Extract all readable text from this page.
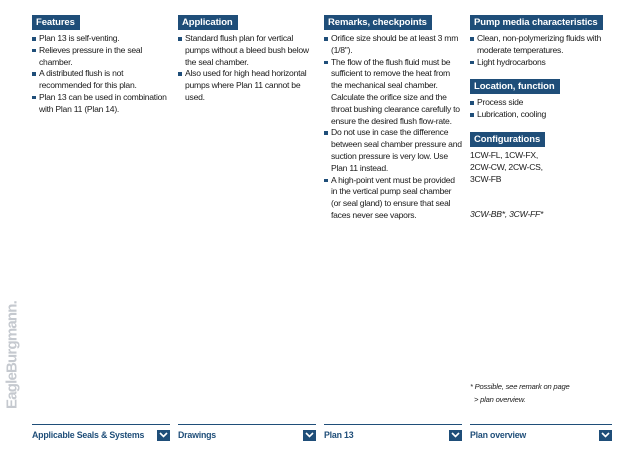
EagleBurgmann.
Features
Plan 13 is self-venting.
Relieves pressure in the seal chamber.
A distributed flush is not recommended for this plan.
Plan 13 can be used in combination with Plan 11 (Plan 14).
Application
Standard flush plan for vertical pumps without a bleed bush below the seal chamber.
Also used for high head horizontal pumps where Plan 11 cannot be used.
Remarks, checkpoints
Orifice size should be at least 3 mm (1/8").
The flow of the flush fluid must be sufficient to remove the heat from the mechanical seal chamber. Calculate the orifice size and the throat bushing clearance carefully to ensure the desired flush flow-rate.
Do not use in case the difference between seal chamber pressure and suction pressure is very low. Use Plan 11 instead.
A high-point vent must be provided in the vertical pump seal chamber (or seal gland) to ensure that seal faces never see vapors.
Pump media characteristics
Clean, non-polymerizing fluids with moderate temperatures.
Light hydrocarbons
Location, function
Process side
Lubrication, cooling
Configurations
1CW-FL, 1CW-FX,
2CW-CW, 2CW-CS,
3CW-FB
3CW-BB*, 3CW-FF*
* Possible, see remark on page
> plan overview.
Applicable Seals & Systems	Drawings	Plan 13	Plan overview
